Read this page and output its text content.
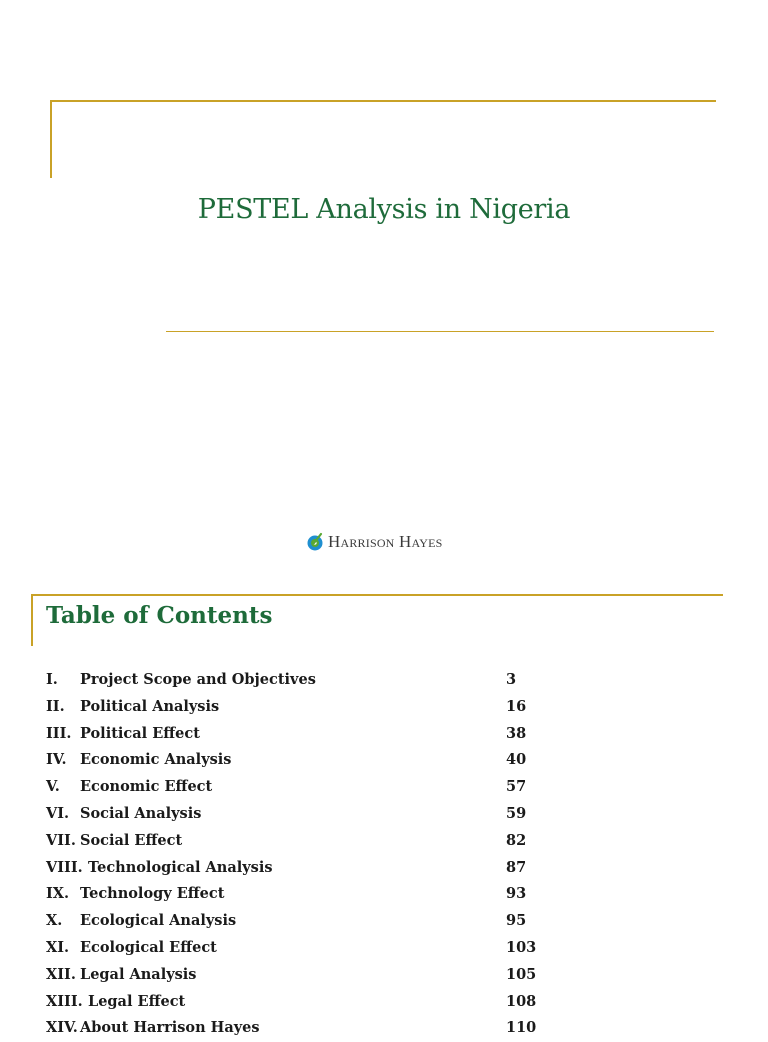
PESTEL Analysis in Nigeria
Harrison Hayes
Table of Contents
I. Project Scope and Objectives	3
II. Political Analysis	16
III. Political Effect	38
IV. Economic Analysis	40
V. Economic Effect	57
VI. Social Analysis	59
VII. Social Effect	82
VIII. Technological Analysis	87
IX. Technology Effect	93
X. Ecological Analysis	95
XI. Ecological Effect	103
XII. Legal Analysis	105
XIII. Legal Effect	108
XIV. About Harrison Hayes	110
